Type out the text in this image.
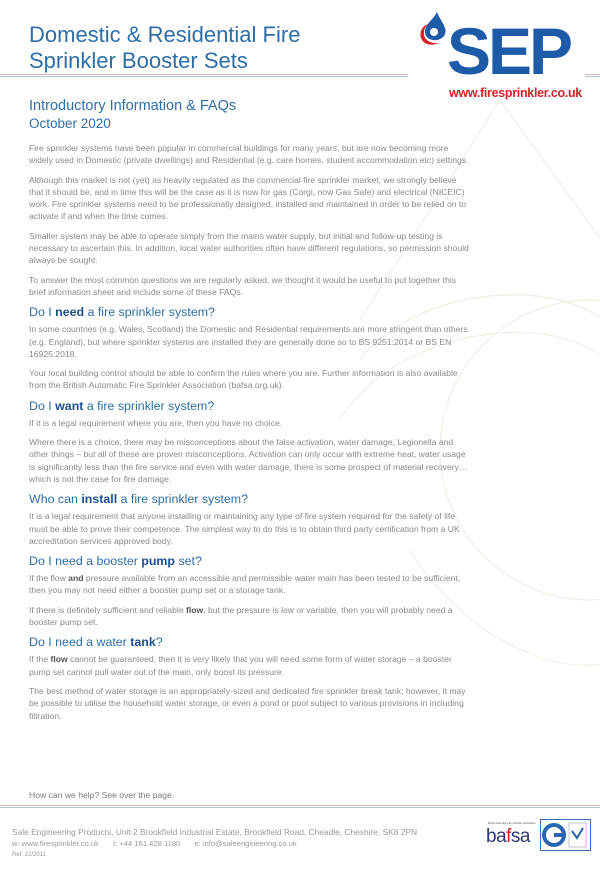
Domestic & Residential Fire
Sprinkler Booster Sets	SEP
www.firesprinkler.co.uk
Introductory Information & FAQs
October 2020

Fire sprinkler systems have been popular in commercial buildings for many years, but are now becoming more widely used in Domestic (private dwellings) and Residential (e.g. care homes, student accommodation etc) settings.

Although this market is not (yet) as heavily regulated as the commercial fire sprinkler market, we strongly believe that it should be, and in time this will be the case as it is now for gas (Corgi, now Gas Safe) and electrical (NICEIC) work. Fire sprinkler systems need to be professionally designed, installed and maintained in order to be relied on to activate if and when the time comes.

Smaller system may be able to operate simply from the mains water supply, but initial and follow-up testing is necessary to ascertain this. In addition, local water authorities often have different regulations, so permission should always be sought.

To answer the most common questions we are regularly asked, we thought it would be useful to put together this brief information sheet and include some of these FAQs.

Do I need a fire sprinkler system?

In some countries (e.g. Wales, Scotland) the Domestic and Residential requirements are more stringent than others (e.g. England), but where sprinkler systems are installed they are generally done so to BS 9251:2014 or BS EN 16925:2018.

Your local building control should be able to confirm the rules where you are. Further information is also available from the British Automatic Fire Sprinkler Association (bafsa.org.uk).

Do I want a fire sprinkler system?

If it is a legal requirement where you are, then you have no choice.

Where there is a choice, there may be misconceptions about the false activation, water damage, Legionella and other things – but all of these are proven misconceptions. Activation can only occur with extreme heat, water usage is significantly less than the fire service and even with water damage, there is some prospect of material recovery…which is not the case for fire damage.

Who can install a fire sprinkler system?

It is a legal requirement that anyone installing or maintaining any type of fire system required for the safety of life must be able to prove their competence. The simplest way to do this is to obtain third party certification from a UK accreditation services approved body.

Do I need a booster pump set?

If the flow and pressure available from an accessible and permissible water main has been tested to be sufficient, then you may not need either a booster pump set or a storage tank.

If there is definitely sufficient and reliable flow, but the pressure is low or variable, then you will probably need a booster pump set.

Do I need a water tank?

If the flow cannot be guaranteed, then it is very likely that you will need some form of water storage – a booster pump set cannot pull water out of the main, only boost its pressure.

The best method of water storage is an appropriately-sized and dedicated fire sprinkler break tank; however, it may be possible to utilise the household water storage, or even a pond or pool subject to various provisions in including filtration.

How can we help? See over the page.
Sale Engineering Products, Unit 2 Brookfield Industrial Estate, Brookfield Road, Cheadle, Cheshire, SK8 2PN
w: www.firesprinkler.co.uk t: +44 161 428 1180 e: info@saleengineering.co.uk
Ref: 22/2011
British Automatic Fire Sprinkler Association
bafsa
